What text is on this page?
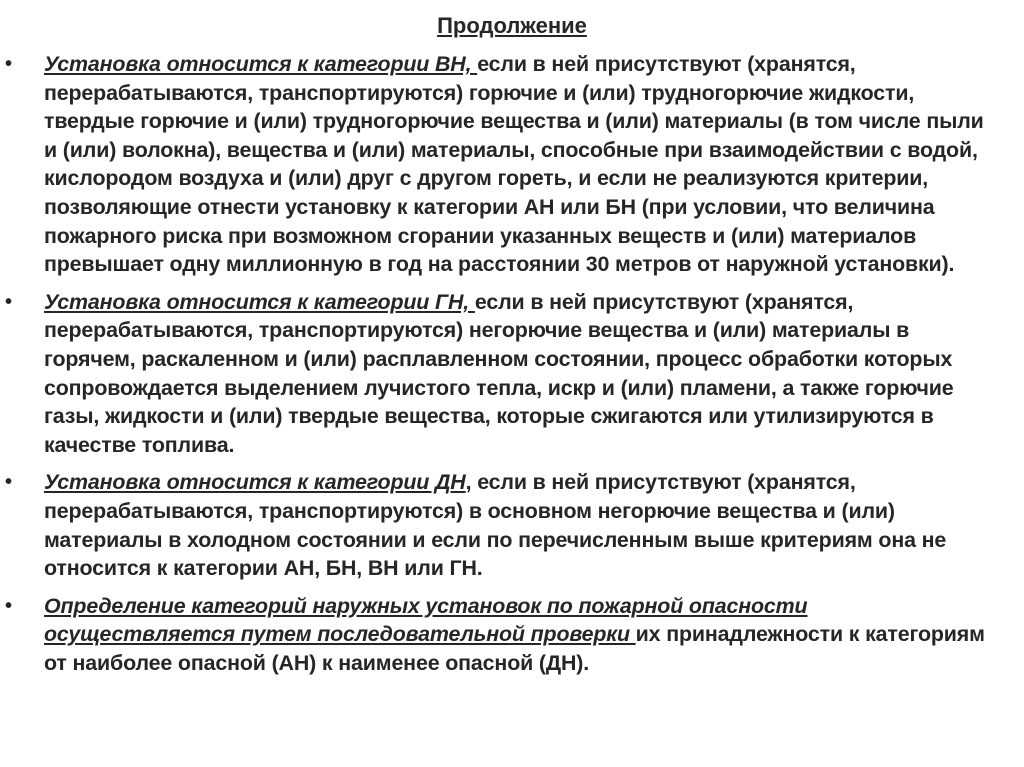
Продолжение
• Установка относится к категории ВН, если в ней присутствуют (хранятся, перерабатываются, транспортируются) горючие и (или) трудногорючие жидкости, твердые горючие и (или) трудногорючие вещества и (или) материалы (в том числе пыли и (или) волокна), вещества и (или) материалы, способные при взаимодействии с водой, кислородом воздуха и (или) друг с другом гореть, и если не реализуются критерии, позволяющие отнести установку к категории АН или БН (при условии, что величина пожарного риска при возможном сгорании указанных веществ и (или) материалов превышает одну миллионную в год на расстоянии 30 метров от наружной установки).
• Установка относится к категории ГН, если в ней присутствуют (хранятся, перерабатываются, транспортируются) негорючие вещества и (или) материалы в горячем, раскаленном и (или) расплавленном состоянии, процесс обработки которых сопровождается выделением лучистого тепла, искр и (или) пламени, а также горючие газы, жидкости и (или) твердые вещества, которые сжигаются или утилизируются в качестве топлива.
• Установка относится к категории ДН, если в ней присутствуют (хранятся, перерабатываются, транспортируются) в основном негорючие вещества и (или) материалы в холодном состоянии и если по перечисленным выше критериям она не относится к категории АН, БН, ВН или ГН.
• Определение категорий наружных установок по пожарной опасности осуществляется путем последовательной проверки их принадлежности к категориям от наиболее опасной (АН) к наименее опасной (ДН).
